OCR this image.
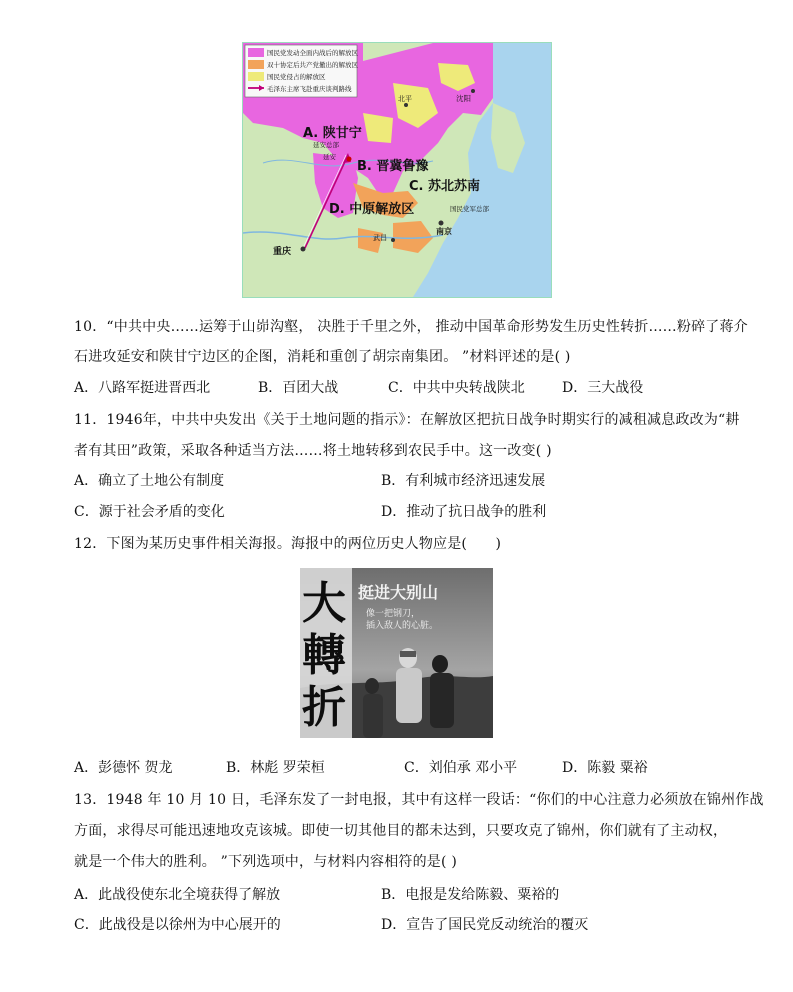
国民党发动全面内战后的解放区
双十协定后共产党撤出的解放区
国民党侵占的解放区
毛泽东主席飞赴重庆谈判路线
延安总部
延安
北平	沈阳
国民党军总部
南京
武昌
重庆
A. 陕甘宁
B. 晋冀鲁豫
C. 苏北苏南
D. 中原解放区
10．“中共中央……运筹于山峁沟壑， 决胜于千里之外， 推动中国革命形势发生历史性转折……粉碎了蒋介
石进攻延安和陕甘宁边区的企图，消耗和重创了胡宗南集团。 ”材料评述的是( )
A．八路军挺进晋西北	B．百团大战	C．中共中央转战陕北	D．三大战役
11．1946年，中共中央发出《关于土地问题的指示》：在解放区把抗日战争时期实行的减租减息政改为“耕
者有其田”政策，采取各种适当方法……将土地转移到农民手中。这一改变( )
A．确立了土地公有制度	B．有利城市经济迅速发展
C．源于社会矛盾的变化	D．推动了抗日战争的胜利
12．下图为某历史事件相关海报。海报中的两位历史人物应是(　　)
大
轉
折
挺进大别山
像一把钢刀，
插入敌人的心脏。
A．彭德怀 贺龙	B．林彪 罗荣桓	C．刘伯承 邓小平	D．陈毅 粟裕
13．1948 年 10 月 10 日，毛泽东发了一封电报，其中有这样一段话：“你们的中心注意力必须放在锦州作战
方面，求得尽可能迅速地攻克该城。即使一切其他目的都未达到，只要攻克了锦州，你们就有了主动权，
就是一个伟大的胜利。 ”下列选项中，与材料内容相符的是( )
A．此战役使东北全境获得了解放	B．电报是发给陈毅、粟裕的
C．此战役是以徐州为中心展开的	D．宣告了国民党反动统治的覆灭
